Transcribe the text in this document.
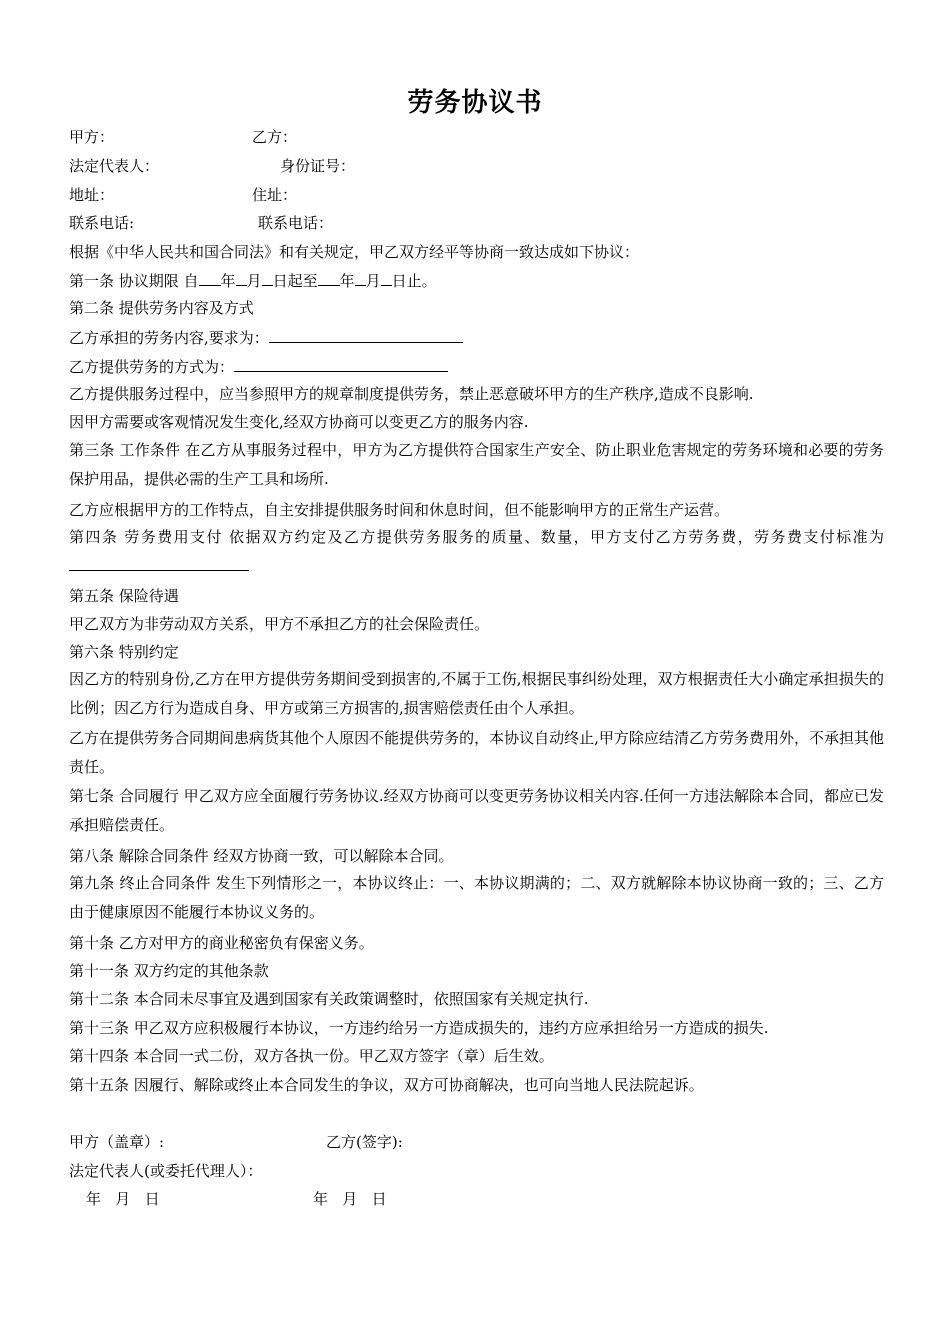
劳务协议书
甲方：	乙方：
法定代表人：	身份证号：
地址：	住址：
联系电话:	联系电话：
根据《中华人民共和国合同法》和有关规定，甲乙双方经平等协商一致达成如下协议：
第一条 协议期限 自 年 月 日起至 年 月 日止。
第二条 提供劳务内容及方式
乙方承担的劳务内容,要求为：
乙方提供劳务的方式为：
乙方提供服务过程中，应当参照甲方的规章制度提供劳务，禁止恶意破坏甲方的生产秩序,造成不良影响.
因甲方需要或客观情况发生变化,经双方协商可以变更乙方的服务内容.
第三条 工作条件 在乙方从事服务过程中，甲方为乙方提供符合国家生产安全、防止职业危害规定的劳务环境和必要的劳务保护用品，提供必需的生产工具和场所.
乙方应根据甲方的工作特点，自主安排提供服务时间和休息时间，但不能影响甲方的正常生产运营。
第四条 劳务费用支付 依据双方约定及乙方提供劳务服务的质量、数量，甲方支付乙方劳务费，劳务费支付标准为
第五条 保险待遇
甲乙双方为非劳动双方关系，甲方不承担乙方的社会保险责任。
第六条 特别约定
因乙方的特别身份,乙方在甲方提供劳务期间受到损害的,不属于工伤,根据民事纠纷处理，双方根据责任大小确定承担损失的比例；因乙方行为造成自身、甲方或第三方损害的,损害赔偿责任由个人承担。
乙方在提供劳务合同期间患病货其他个人原因不能提供劳务的，本协议自动终止,甲方除应结清乙方劳务费用外，不承担其他责任。
第七条 合同履行 甲乙双方应全面履行劳务协议.经双方协商可以变更劳务协议相关内容.任何一方违法解除本合同，都应已发承担赔偿责任。
第八条 解除合同条件 经双方协商一致，可以解除本合同。
第九条 终止合同条件 发生下列情形之一，本协议终止：一、本协议期满的；二、双方就解除本协议协商一致的；三、乙方由于健康原因不能履行本协议义务的。
第十条 乙方对甲方的商业秘密负有保密义务。
第十一条 双方约定的其他条款
第十二条 本合同未尽事宜及遇到国家有关政策调整时，依照国家有关规定执行.
第十三条 甲乙双方应积极履行本协议，一方违约给另一方造成损失的，违约方应承担给另一方造成的损失.
第十四条 本合同一式二份，双方各执一份。甲乙双方签字（章）后生效。
第十五条 因履行、解除或终止本合同发生的争议，双方可协商解决，也可向当地人民法院起诉。
甲方（盖章）:	乙方(签字):
法定代表人(或委托代理人）：
年   月   日	年   月   日
